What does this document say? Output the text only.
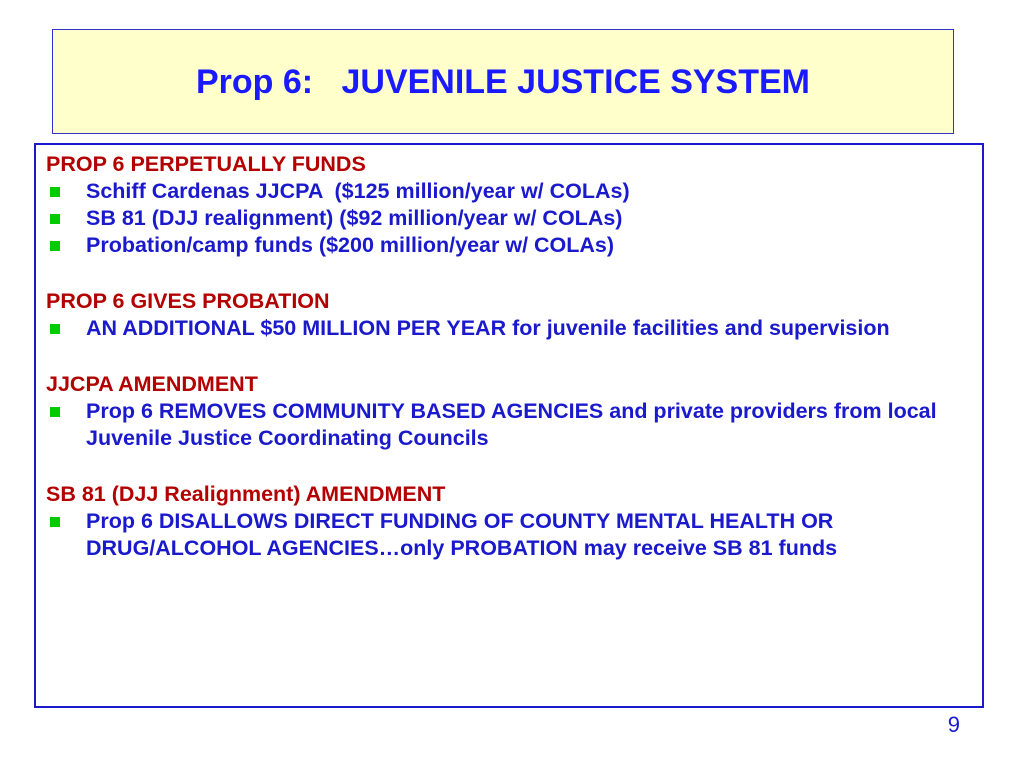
Prop 6:   JUVENILE JUSTICE SYSTEM
PROP 6 PERPETUALLY FUNDS
Schiff Cardenas JJCPA  ($125 million/year w/ COLAs)
SB 81 (DJJ realignment) ($92 million/year w/ COLAs)
Probation/camp funds ($200 million/year w/ COLAs)
PROP 6 GIVES PROBATION
AN ADDITIONAL $50 MILLION PER YEAR for juvenile facilities and supervision
JJCPA AMENDMENT
Prop 6 REMOVES COMMUNITY BASED AGENCIES and private providers from local Juvenile Justice Coordinating Councils
SB 81 (DJJ Realignment) AMENDMENT
Prop 6 DISALLOWS DIRECT FUNDING OF COUNTY MENTAL HEALTH OR DRUG/ALCOHOL AGENCIES…only PROBATION may receive SB 81 funds
9
